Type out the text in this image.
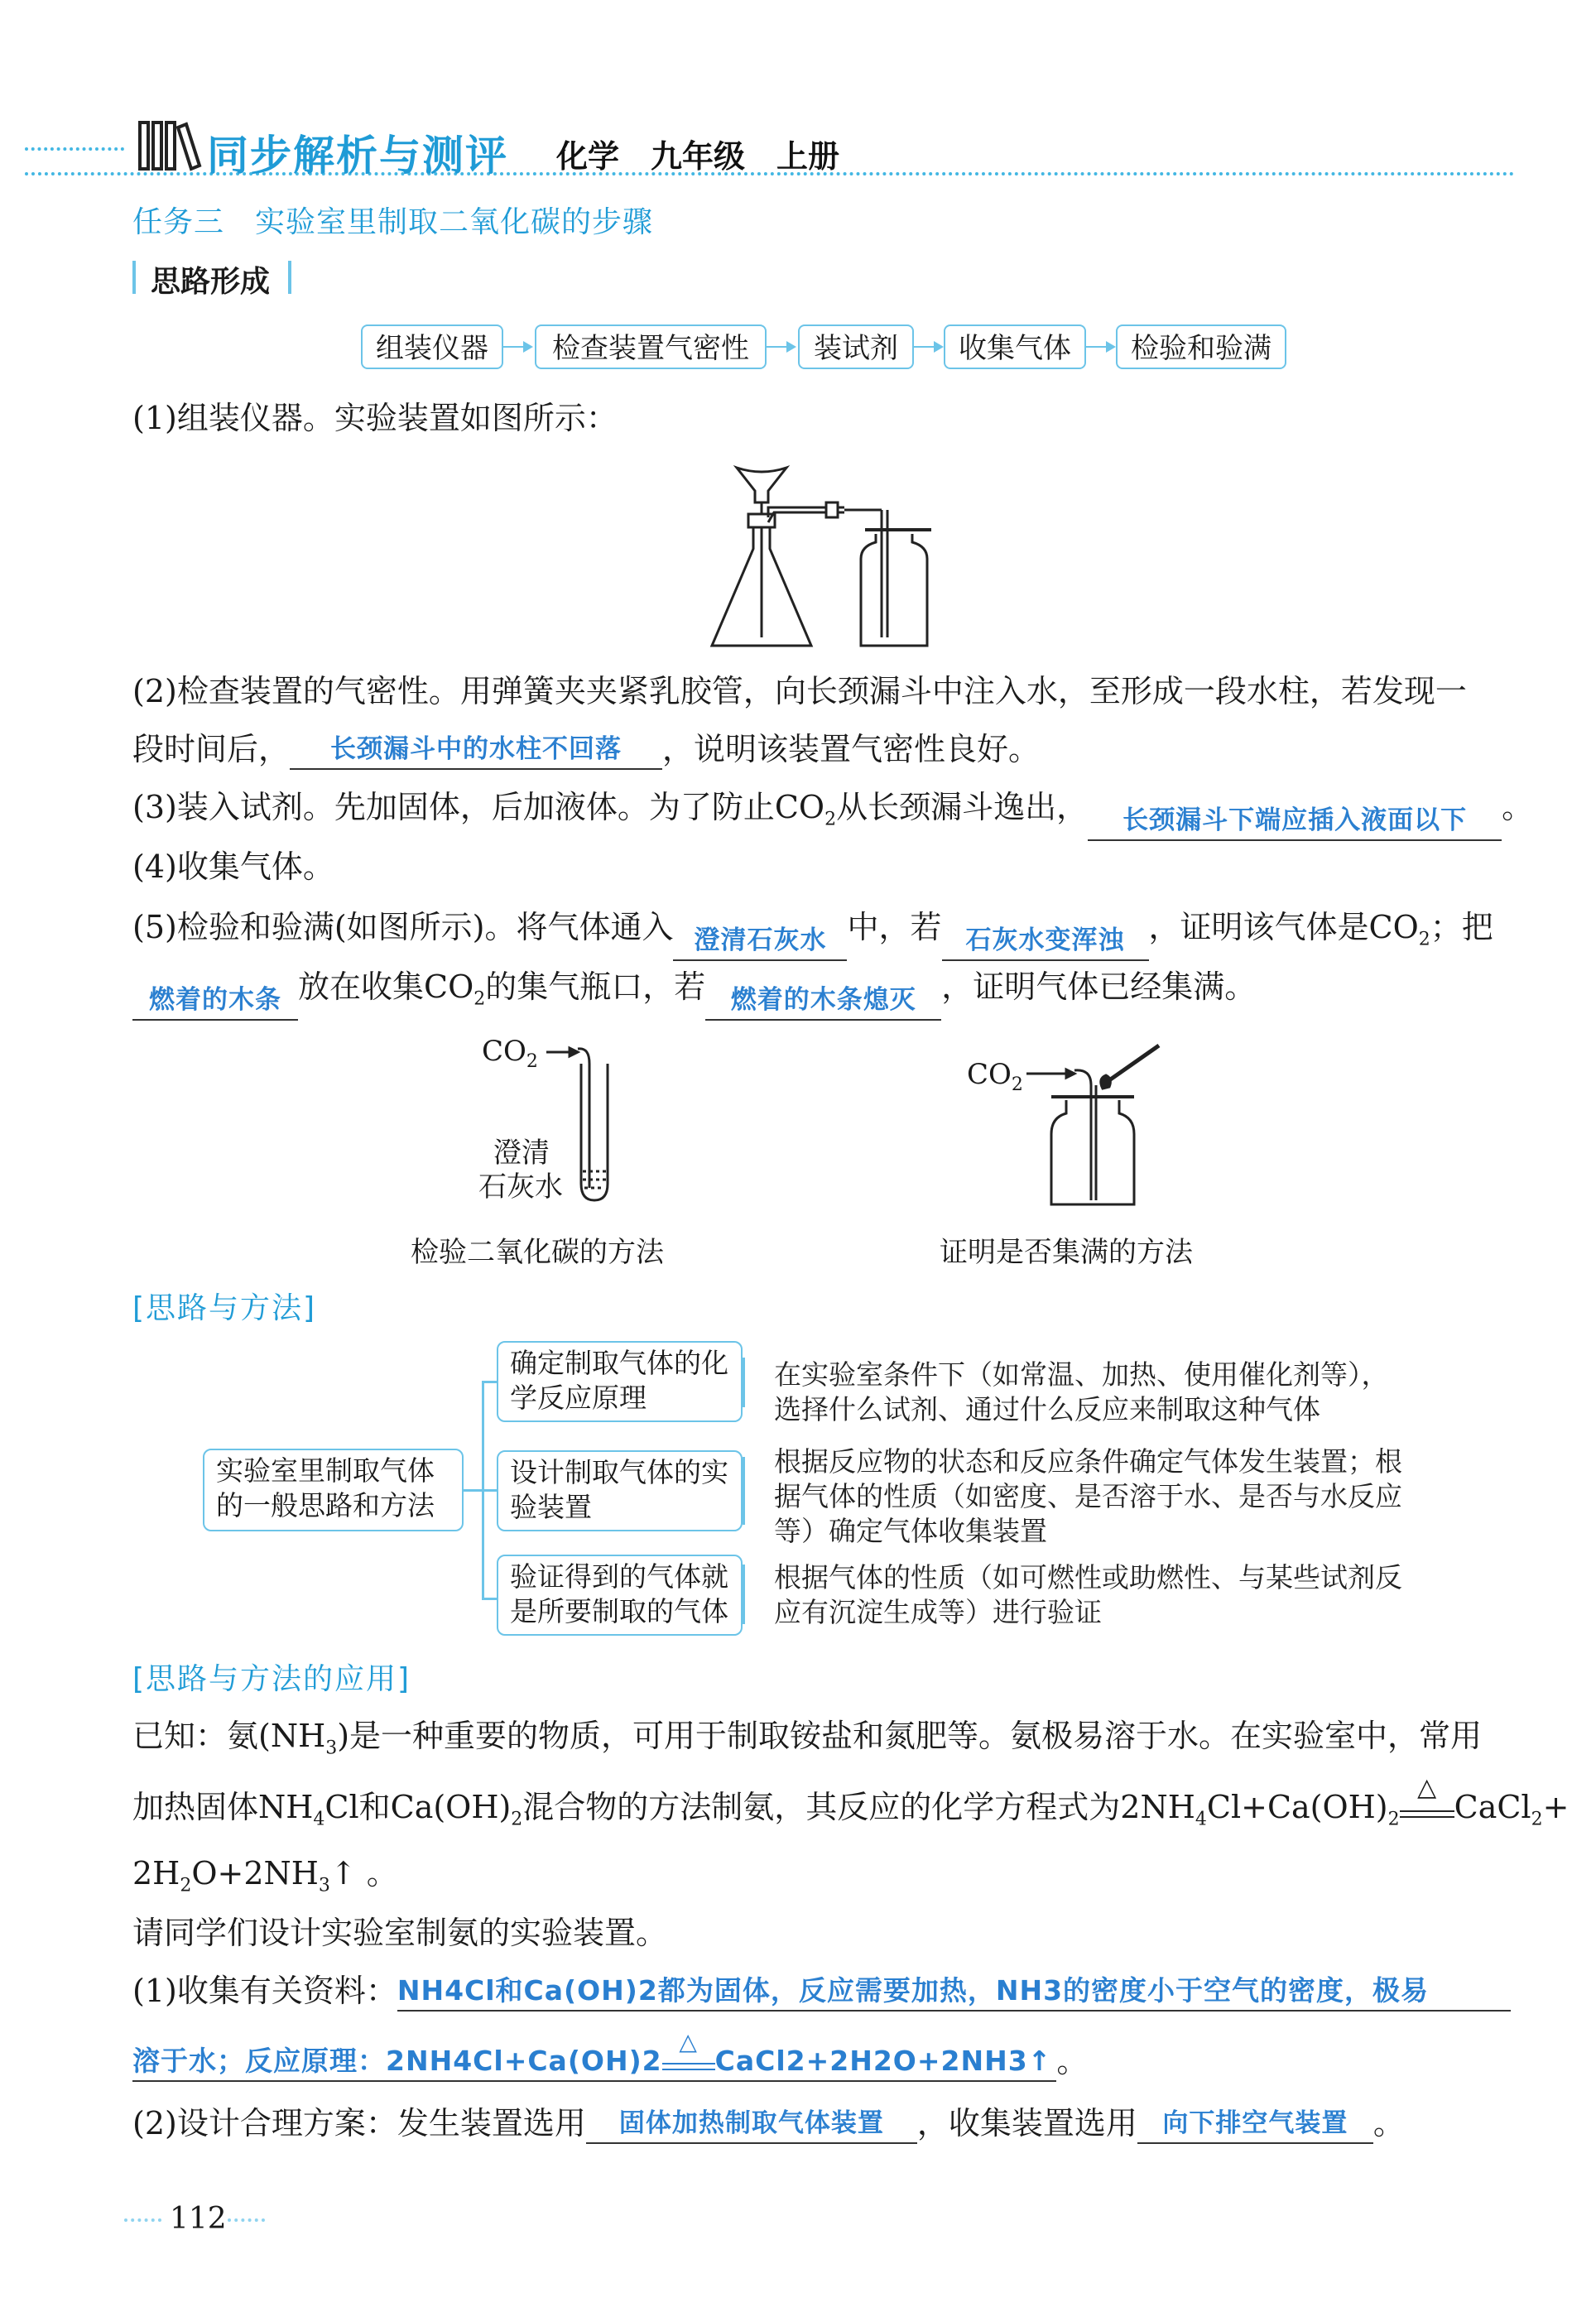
同步解析与测评 化学　九年级　上册
任务三　实验室里制取二氧化碳的步骤
思路形成
组装仪器	检查装置气密性	装试剂	收集气体	检验和验满
(1)组装仪器。实验装置如图所示：
(2)检查装置的气密性。用弹簧夹夹紧乳胶管，向长颈漏斗中注入水，至形成一段水柱，若发现一
段时间后， 长颈漏斗中的水柱不回落 ，说明该装置气密性良好。
(3)装入试剂。先加固体，后加液体。为了防止$CO_2$从长颈漏斗逸出， 长颈漏斗下端应插入液面以下 。
(4)收集气体。
(5)检验和验满(如图所示)。将气体通入 澄清石灰水 中，若 石灰水变浑浊 ，证明该气体是$CO_2$；把
燃着的木条 放在收集$CO_2$的集气瓶口，若 燃着的木条熄灭 ，证明气体已经集满。
$CO_2$
澄清
石灰水
检验二氧化碳的方法
$CO_2$
证明是否集满的方法
[思路与方法]
实验室里制取气体
的一般思路和方法
确定制取气体的化
学反应原理
设计制取气体的实
验装置
验证得到的气体就
是所要制取的气体
在实验室条件下（如常温、加热、使用催化剂等），
选择什么试剂、通过什么反应来制取这种气体
根据反应物的状态和反应条件确定气体发生装置；根
据气体的性质（如密度、是否溶于水、是否与水反应
等）确定气体收集装置
根据气体的性质（如可燃性或助燃性、与某些试剂反
应有沉淀生成等）进行验证
[思路与方法的应用]
已知：氨$(NH_3)$是一种重要的物质，可用于制取铵盐和氮肥等。氨极易溶于水。在实验室中，常用
加热固体$NH_4Cl$和$Ca(OH)_2$混合物的方法制氨，其反应的化学方程式为$2NH_4Cl+Ca(OH)_2$
△
CaCl$_2$+
$2H_2O+2NH_3↑$ 。
请同学们设计实验室制氨的实验装置。
(1)收集有关资料：NH4Cl和Ca(OH)2都为固体，反应需要加热，NH3的密度小于空气的密度，极易
溶于水；反应原理：2NH4Cl+Ca(OH)2
△
CaCl2+2H2O+2NH3↑ 。
(2)设计合理方案：发生装置选用 固体加热制取气体装置 ，收集装置选用 向下排空气装置 。
112
